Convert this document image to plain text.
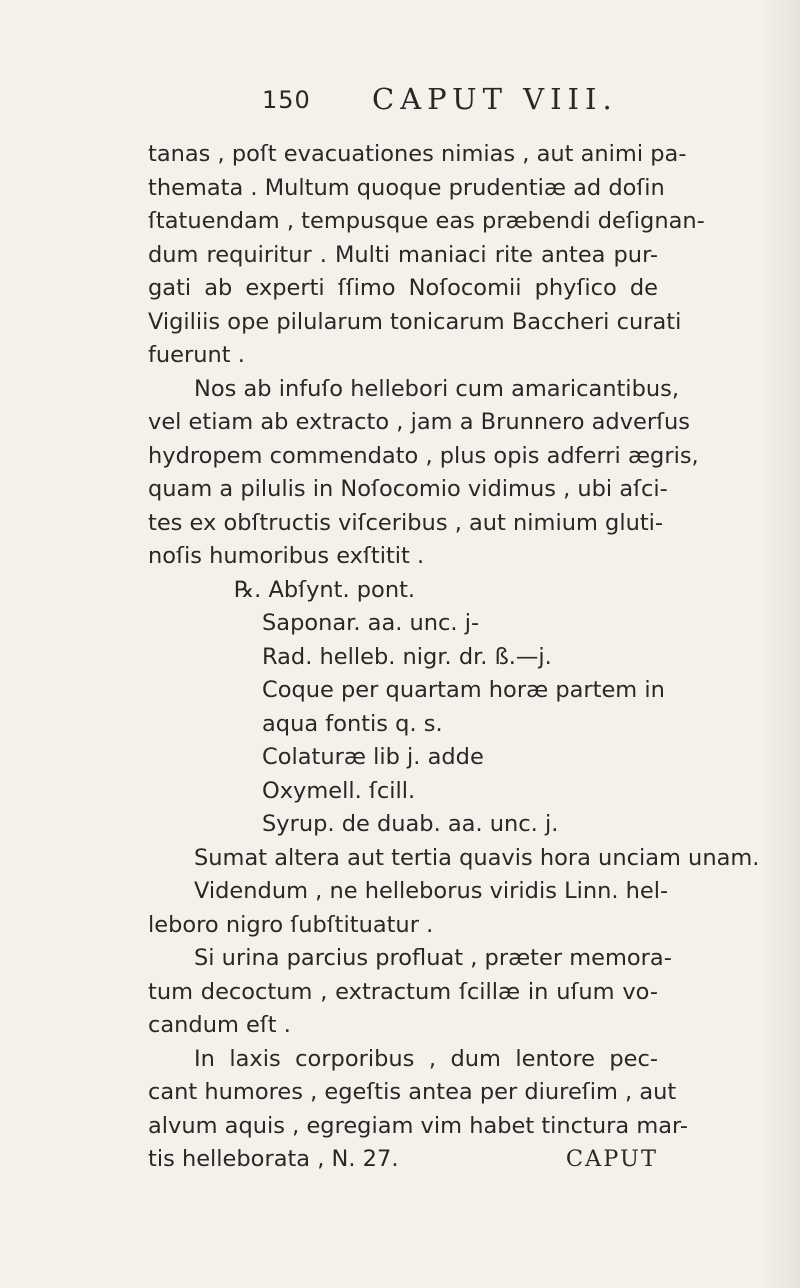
150 CAPUT VIII.
tanas , poſt evacuationes nimias , aut animi pa-
themata . Multum quoque prudentiæ ad doſin
ſtatuendam , tempusque eas præbendi deſignan-
dum requiritur . Multi maniaci rite antea pur-
gati ab experti ſſimo Noſocomii phyſico de
Vigiliis ope pilularum tonicarum Baccheri curati
fuerunt .
Nos ab infuſo hellebori cum amaricantibus,
vel etiam ab extracto , jam a Brunnero adverſus
hydropem commendato , plus opis adferri ægris,
quam a pilulis in Noſocomio vidimus , ubi aſci-
tes ex obſtructis viſceribus , aut nimium gluti-
noſis humoribus exſtitit .
℞. Abſynt. pont.
Saponar. aa. unc. j-
Rad. helleb. nigr. dr. ß.—j.
Coque per quartam horæ partem in
aqua fontis q. s.
Colaturæ lib j. adde
Oxymell. ſcill.
Syrup. de duab. aa. unc. j.
Sumat altera aut tertia quavis hora unciam unam.
Videndum , ne helleborus viridis Linn. hel-
leboro nigro ſubſtituatur .
Si urina parcius profluat , præter memora-
tum decoctum , extractum ſcillæ in uſum vo-
candum eſt .
In laxis corporibus , dum lentore pec-
cant humores , egeſtis antea per diureſim , aut
alvum aquis , egregiam vim habet tinctura mar-
tis helleborata , N. 27.	CAPUT
